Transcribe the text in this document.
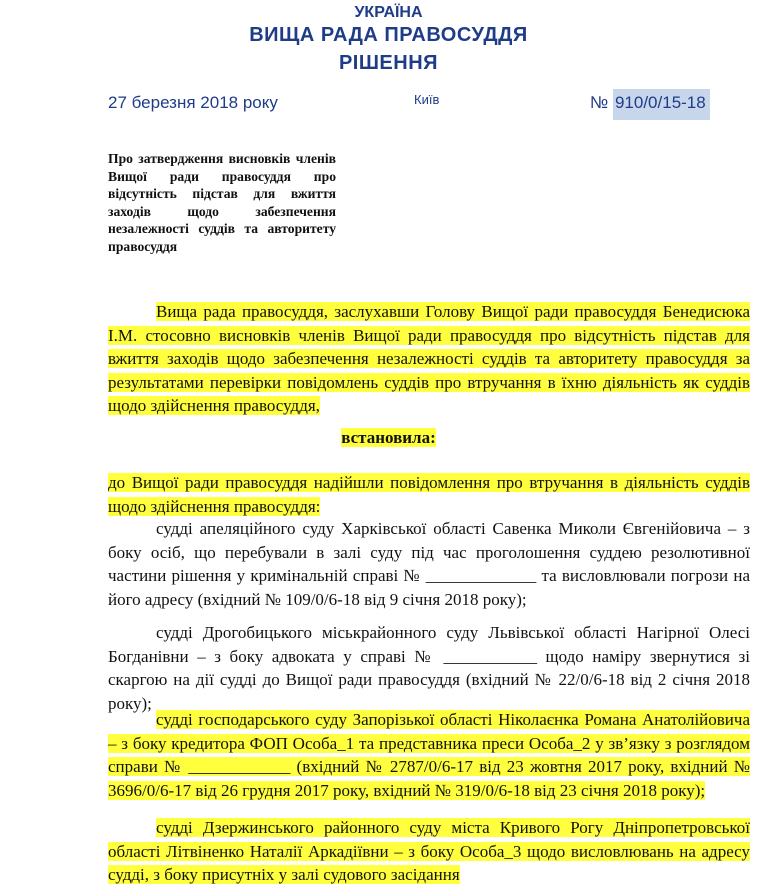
УКРАЇНА
ВИЩА РАДА ПРАВОСУДДЯ
РІШЕННЯ
27 березня 2018 року	Київ	№ 910/0/15-18
Про затвердження висновків членів Вищої ради правосуддя про відсутність підстав для вжиття заходів щодо забезпечення незалежності суддів та авторитету правосуддя
Вища рада правосуддя, заслухавши Голову Вищої ради правосуддя Бенедисюка І.М. стосовно висновків членів Вищої ради правосуддя про відсутність підстав для вжиття заходів щодо забезпечення незалежності суддів та авторитету правосуддя за результатами перевірки повідомлень суддів про втручання в їхню діяльність як суддів щодо здійснення правосуддя,
встановила:
до Вищої ради правосуддя надійшли повідомлення про втручання в діяльність суддів щодо здійснення правосуддя:
судді апеляційного суду Харківської області Савенка Миколи Євгенійовича – з боку осіб, що перебували в залі суду під час проголошення суддею резолютивної частини рішення у кримінальній справі № _____________ та висловлювали погрози на його адресу (вхідний № 109/0/6-18 від 9 січня 2018 року);
судді Дрогобицького міськрайонного суду Львівської області Нагірної Олесі Богданівни – з боку адвоката у справі № ___________ щодо наміру звернутися зі скаргою на дії судді до Вищої ради правосуддя (вхідний № 22/0/6-18 від 2 січня 2018 року);
судді господарського суду Запорізької області Ніколаєнка Романа Анатолійовича – з боку кредитора ФОП Особа_1 та представника преси Особа_2 у зв’язку з розглядом справи № ____________ (вхідний № 2787/0/6-17 від 23 жовтня 2017 року, вхідний № 3696/0/6-17 від 26 грудня 2017 року, вхідний № 319/0/6-18 від 23 січня 2018 року);
судді Дзержинського районного суду міста Кривого Рогу Дніпропетровської області Літвіненко Наталії Аркадіївни – з боку Особа_3 щодо висловлювань на адресу судді, з боку присутніх у залі судового засідання
